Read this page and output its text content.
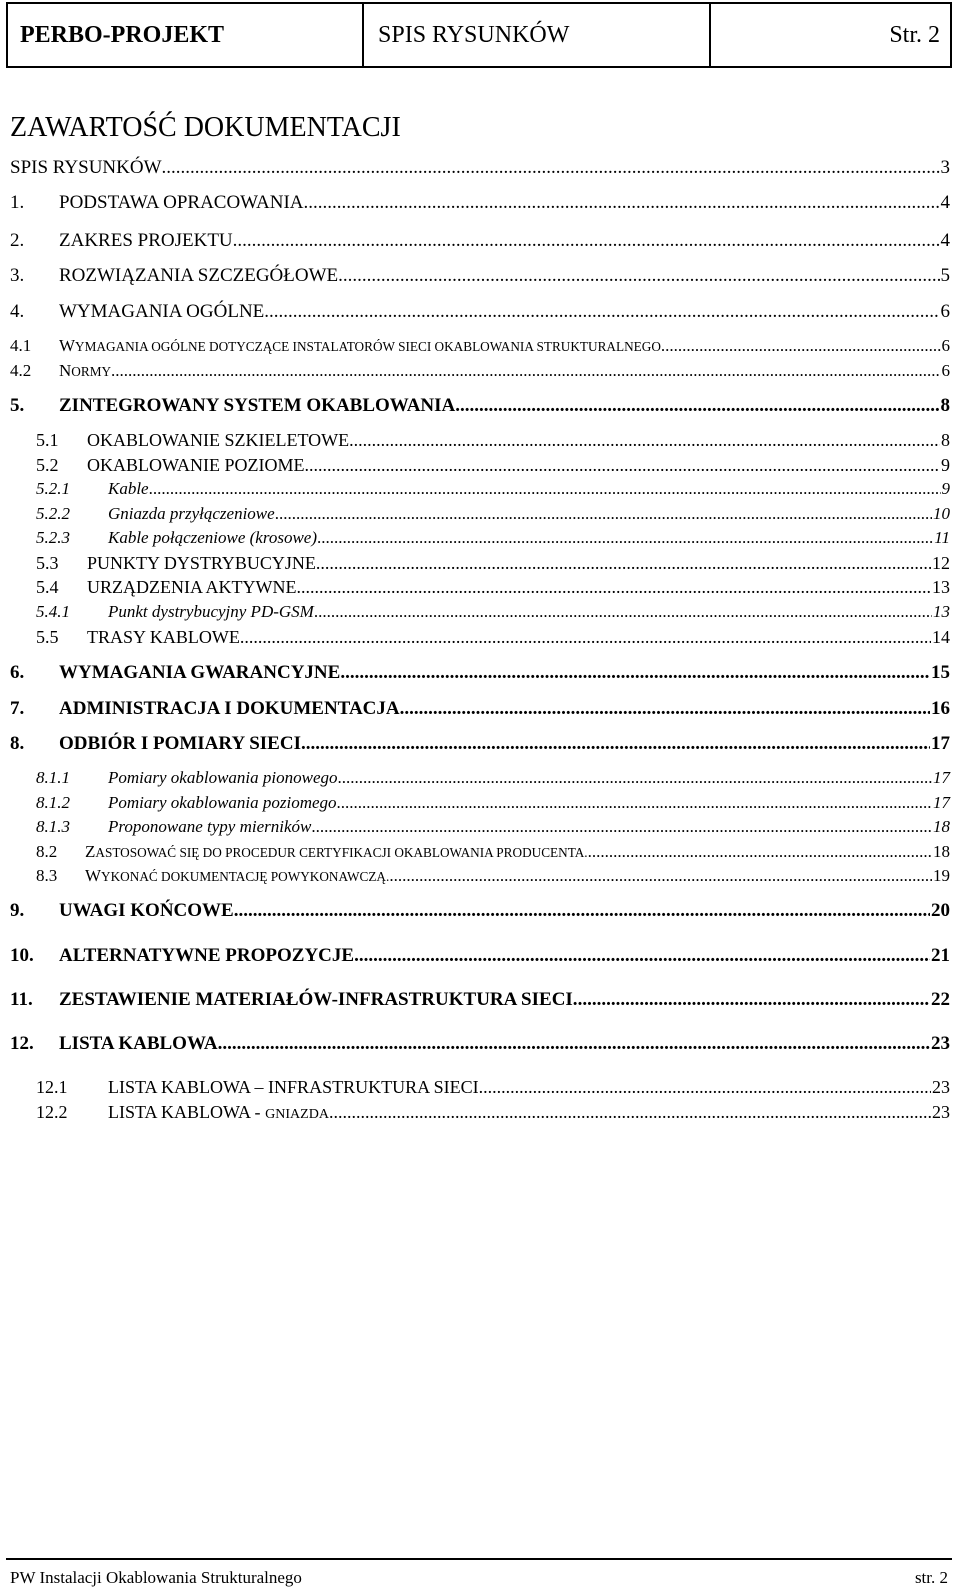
PERBO-PROJEKT	SPIS RYSUNKÓW	Str. 2
ZAWARTOŚĆ DOKUMENTACJI
SPIS RYSUNKÓW .....	3
1.	PODSTAWA OPRACOWANIA .....	4
2.	ZAKRES PROJEKTU .....	4
3.	ROZWIĄZANIA SZCZEGÓŁOWE .....	5
4.	WYMAGANIA OGÓLNE .....	6
4.1	WYMAGANIA OGÓLNE DOTYCZĄCE INSTALATORÓW SIECI OKABLOWANIA STRUKTURALNEGO .....	6
4.2	NORMY .....	6
5.	ZINTEGROWANY SYSTEM OKABLOWANIA .....	8
5.1	OKABLOWANIE SZKIELETOWE .....	8
5.2	OKABLOWANIE POZIOME .....	9
5.2.1	Kable .....	9
5.2.2	Gniazda przyłączeniowe .....	10
5.2.3	Kable połączeniowe (krosowe) .....	11
5.3	PUNKTY DYSTRYBUCYJNE .....	12
5.4	URZĄDZENIA AKTYWNE .....	13
5.4.1	Punkt dystrybucyjny PD-GSM .....	13
5.5	TRASY KABLOWE .....	14
6.	WYMAGANIA GWARANCYJNE .....	15
7.	ADMINISTRACJA I DOKUMENTACJA .....	16
8.	ODBIÓR I POMIARY SIECI .....	17
8.1.1	Pomiary okablowania pionowego .....	17
8.1.2	Pomiary okablowania poziomego .....	17
8.1.3	Proponowane typy mierników .....	18
8.2	ZASTOSOWAĆ SIĘ DO PROCEDUR CERTYFIKACJI OKABLOWANIA PRODUCENTA. .....	18
8.3	WYKONAĆ DOKUMENTACJĘ POWYKONAWCZĄ. .....	19
9.	UWAGI KOŃCOWE. .....	20
10.	ALTERNATYWNE PROPOZYCJE .....	21
11.	ZESTAWIENIE MATERIAŁÓW-INFRASTRUKTURA SIECI. .....	22
12.	LISTA KABLOWA .....	23
12.1	LISTA KABLOWA – INFRASTRUKTURA SIECI. .....	23
12.2	LISTA KABLOWA - GNIAZDA .....	23
PW Instalacji Okablowania Strukturalnego	str. 2
